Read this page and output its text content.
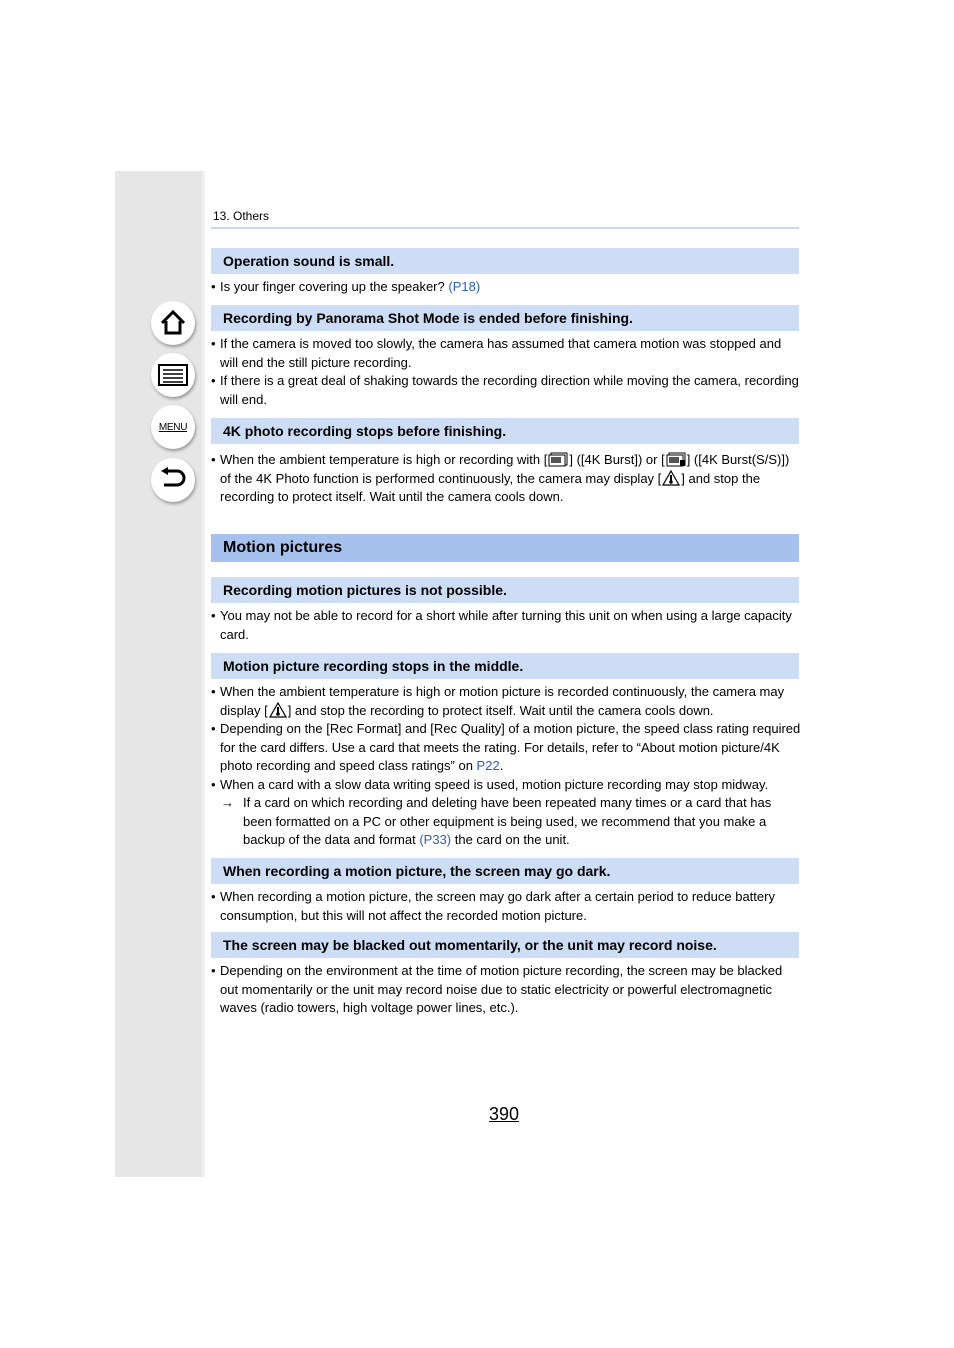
MENU
13. Others
Operation sound is small.
• Is your finger covering up the speaker? (P18)
Recording by Panorama Shot Mode is ended before finishing.
• If the camera is moved too slowly, the camera has assumed that camera motion was stopped and will end the still picture recording.
• If there is a great deal of shaking towards the recording direction while moving the camera, recording will end.
4K photo recording stops before finishing.
• When the ambient temperature is high or recording with [ ] ([4K Burst]) or [ ] ([4K Burst(S/S)]) of the 4K Photo function is performed continuously, the camera may display [ ] and stop the recording to protect itself. Wait until the camera cools down.
Motion pictures
Recording motion pictures is not possible.
• You may not be able to record for a short while after turning this unit on when using a large capacity card.
Motion picture recording stops in the middle.
• When the ambient temperature is high or motion picture is recorded continuously, the camera may display [ ] and stop the recording to protect itself. Wait until the camera cools down.
• Depending on the [Rec Format] and [Rec Quality] of a motion picture, the speed class rating required for the card differs. Use a card that meets the rating. For details, refer to “About motion picture/4K photo recording and speed class ratings” on P22.
• When a card with a slow data writing speed is used, motion picture recording may stop midway.
→ If a card on which recording and deleting have been repeated many times or a card that has been formatted on a PC or other equipment is being used, we recommend that you make a backup of the data and format (P33) the card on the unit.
When recording a motion picture, the screen may go dark.
• When recording a motion picture, the screen may go dark after a certain period to reduce battery consumption, but this will not affect the recorded motion picture.
The screen may be blacked out momentarily, or the unit may record noise.
• Depending on the environment at the time of motion picture recording, the screen may be blacked out momentarily or the unit may record noise due to static electricity or powerful electromagnetic waves (radio towers, high voltage power lines, etc.).
390
